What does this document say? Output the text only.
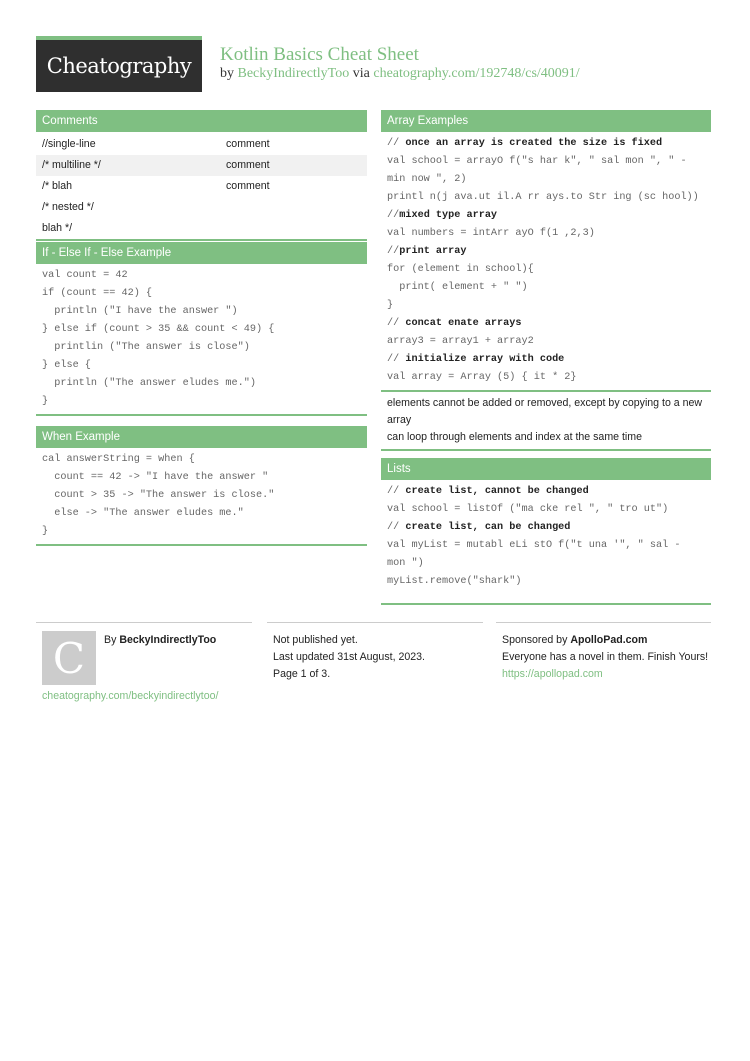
Cheatography Kotlin Basics Cheat Sheet
by BeckyIndirectlyToo via cheatography.com/192748/cs/40091/
Comments
//single-line	comment
/* multiline */	comment
/* blah	comment
/* nested */
blah */
If - Else If - Else Example
val count = 42
if (count == 42) {
println ("I have the answer ")
} else if (count > 35 && count < 49) {
printlin ("The answer is close")
} else {
println ("The answer eludes me.")
}
When Example
cal answerString = when {
count == 42 -> "I have the answer "
count > 35 -> "The answer is close."
else -> "The answer eludes me."
}
Array Examples
// once an array is created the size is fixed
val school = arrayO f("s har k", " sal mon ", " -
min now ", 2)
printl n(j ava.ut il.A rr ays.to Str ing (sc hool))
//mixed type array
val numbers = intArr ayO f(1 ,2,3)
//print array
for (element in school){
print( element + " ")
}
// concat enate arrays
array3 = array1 + array2
// initialize array with code
val array = Array (5) { it * 2}
elements cannot be added or removed, except by copying to a new array
can loop through elements and index at the same time
Lists
// create list, cannot be changed
val school = listOf ("ma cke rel ", " tro ut")
// create list, can be changed
val myList = mutabl eLi stO f("t una '", " sal -
mon ")
myList.remove("shark")
By BeckyIndirectlyToo
cheatography.com/beckyindirectlytoo/
C	Not published yet.
Last updated 31st August, 2023.
Page 1 of 3.
Sponsored by ApolloPad.com
Everyone has a novel in them. Finish Yours!
https://apollopad.com
